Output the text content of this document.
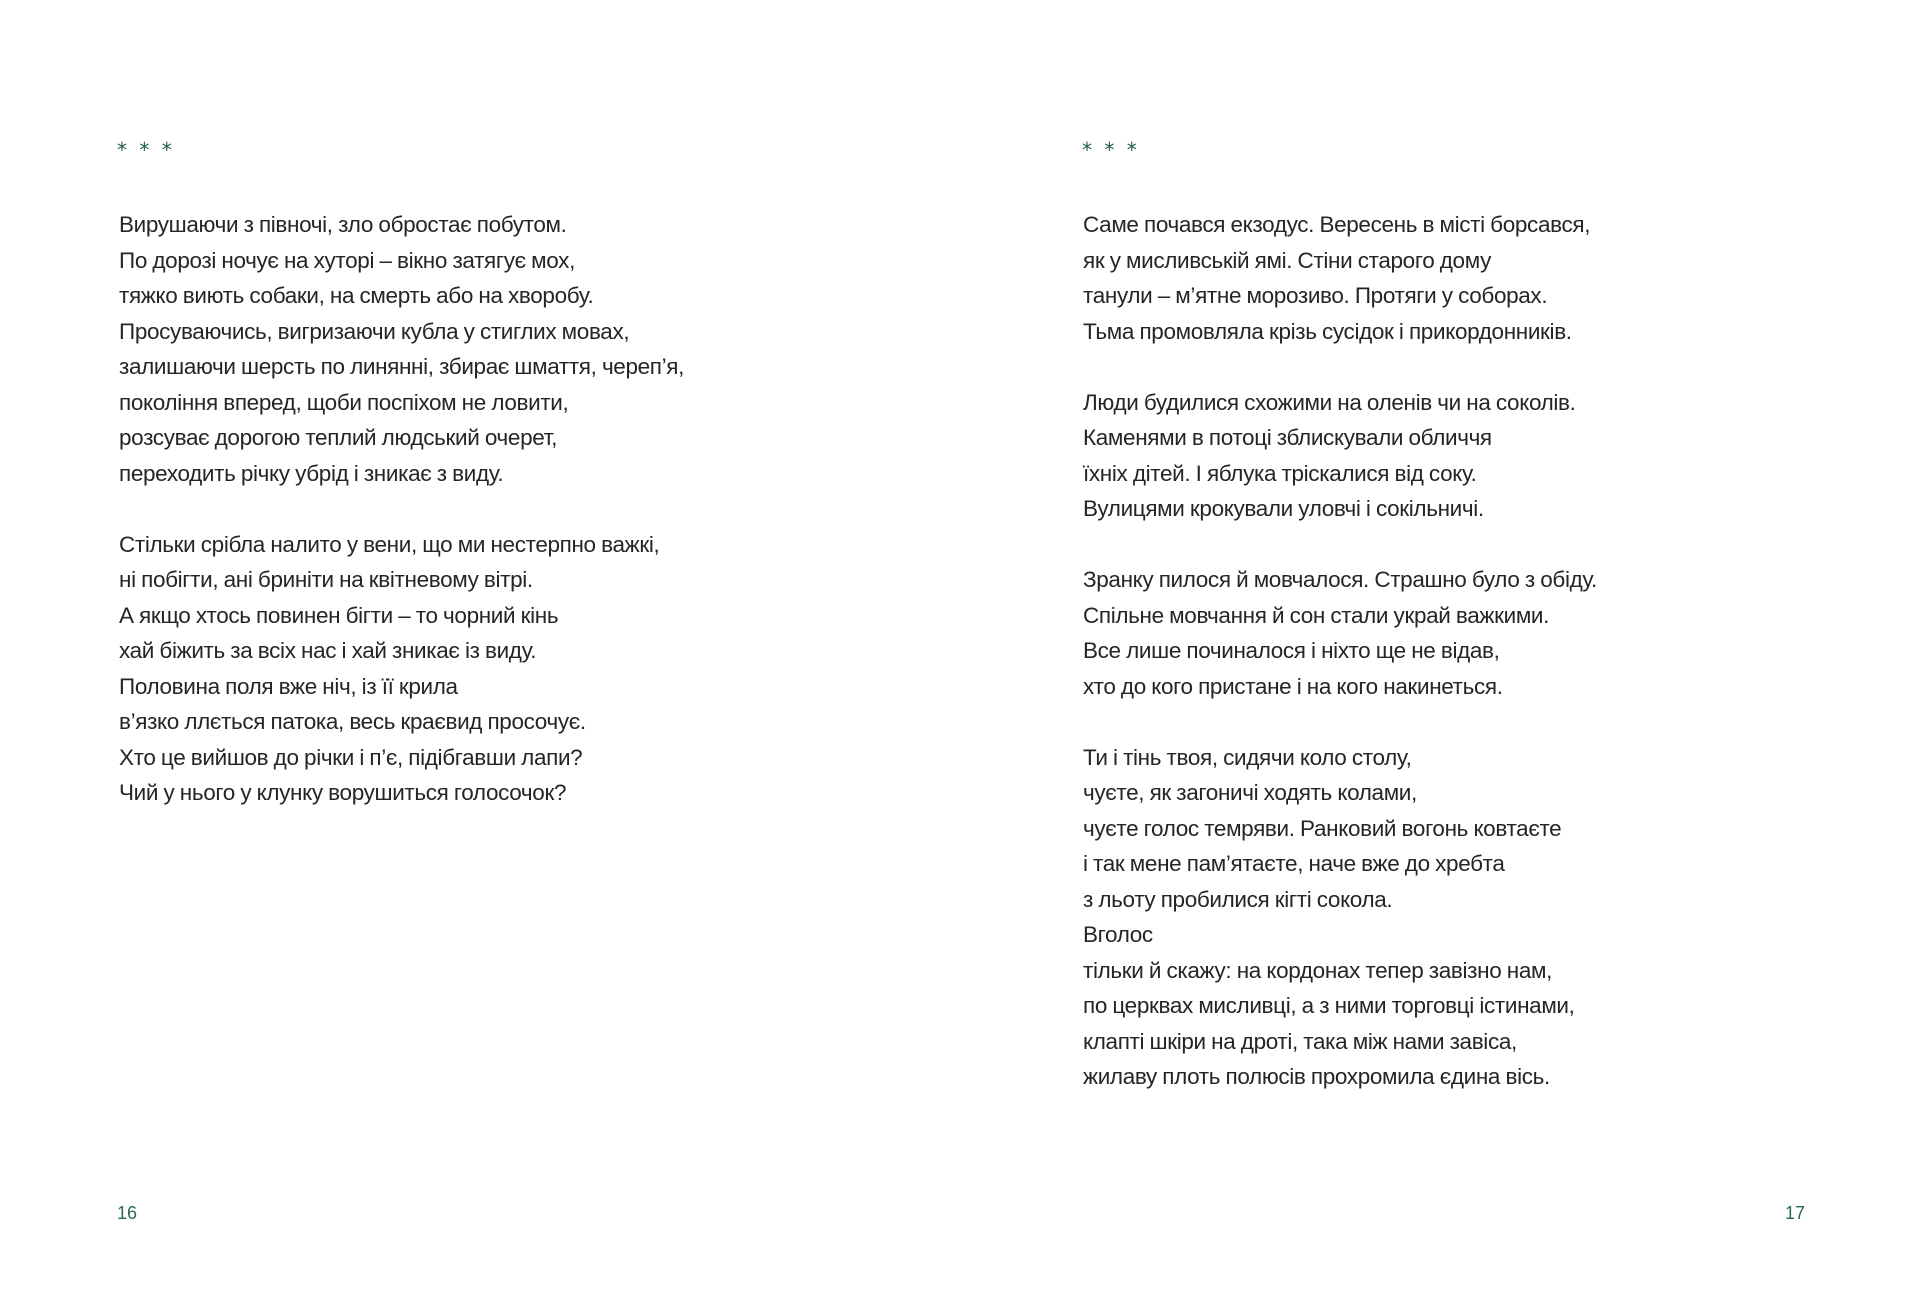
* * *
Вирушаючи з півночі, зло обростає побутом.
По дорозі ночує на хуторі – вікно затягує мох,
тяжко виють собаки, на смерть або на хворобу.
Просуваючись, вигризаючи кубла у стиглих мовах,
залишаючи шерсть по линянні, збирає шмаття, череп’я,
покоління вперед, щоби поспіхом не ловити,
розсуває дорогою теплий людський очерет,
переходить річку убрід і зникає з виду.
Стільки срібла налито у вени, що ми нестерпно важкі,
ні побігти, ані бриніти на квітневому вітрі.
А якщо хтось повинен бігти – то чорний кінь
хай біжить за всіх нас і хай зникає із виду.
Половина поля вже ніч, із її крила
в’язко ллється патока, весь краєвид просочує.
Хто це вийшов до річки і п’є, підібгавши лапи?
Чий у нього у клунку ворушиться голосочок?
16
* * *
Саме почався екзодус. Вересень в місті борсався,
як у мисливській ямі. Стіни старого дому
танули – м’ятне морозиво. Протяги у соборах.
Тьма промовляла крізь сусідок і прикордонників.
Люди будилися схожими на оленів чи на соколів.
Каменями в потоці зблискували обличчя
їхніх дітей. І яблука тріскалися від соку.
Вулицями крокували уловчі і сокільничі.
Зранку пилося й мовчалося. Страшно було з обіду.
Спільне мовчання й сон стали украй важкими.
Все лише починалося і ніхто ще не відав,
хто до кого пристане і на кого накинеться.
Ти і тінь твоя, сидячи коло столу,
чуєте, як загоничі ходять колами,
чуєте голос темряви. Ранковий вогонь ковтаєте
і так мене пам’ятаєте, наче вже до хребта
з льоту пробилися кігті сокола.
Вголос
тільки й скажу: на кордонах тепер завізно нам,
по церквах мисливці, а з ними торговці істинами,
клапті шкіри на дроті, така між нами завіса,
жилаву плоть полюсів прохромила єдина вісь.
17
